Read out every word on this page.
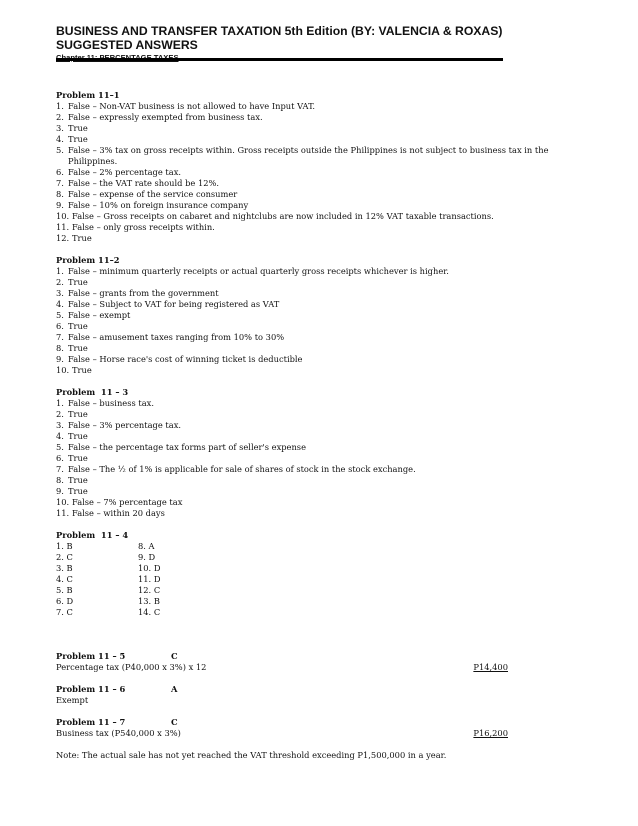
BUSINESS AND TRANSFER TAXATION 5th Edition (BY: VALENCIA & ROXAS)
SUGGESTED ANSWERS
Problem 11–1
1. False – Non-VAT business is not allowed to have Input VAT.
2. False – expressly exempted from business tax.
3. True
4. True
5. False – 3% tax on gross receipts within. Gross receipts outside the Philippines is not subject to business tax in the Philippines.
6. False – 2% percentage tax.
7. False – the VAT rate should be 12%.
8. False – expense of the service consumer
9. False – 10% on foreign insurance company
10. False – Gross receipts on cabaret and nightclubs are now included in 12% VAT taxable transactions.
11. False – only gross receipts within.
12. True
Problem 11–2
1. False – minimum quarterly receipts or actual quarterly gross receipts whichever is higher.
2. True
3. False – grants from the government
4. False – Subject to VAT for being registered as VAT
5. False – exempt
6. True
7. False – amusement taxes ranging from 10% to 30%
8. True
9. False – Horse race's cost of winning ticket is deductible
10. True
Problem  11 – 3
1. False – business tax.
2. True
3. False – 3% percentage tax.
4. True
5. False – the percentage tax forms part of seller's expense
6. True
7. False – The ½ of 1% is applicable for sale of shares of stock in the stock exchange.
8. True
9. True
10. False – 7% percentage tax
11. False – within 20 days
Problem  11 – 4
1. B	8. A
2. C	9. D
3. B	10. D
4. C	11. D
5. B	12. C
6. D	13. B
7. C	14. C
Problem 11 – 5	C
Percentage tax (P40,000 x 3%) x 12	P14,400
Problem 11 – 6	A
Exempt
Problem 11 – 7	C
Business tax (P540,000 x 3%)	P16,200
Note: The actual sale has not yet reached the VAT threshold exceeding P1,500,000 in a year.
